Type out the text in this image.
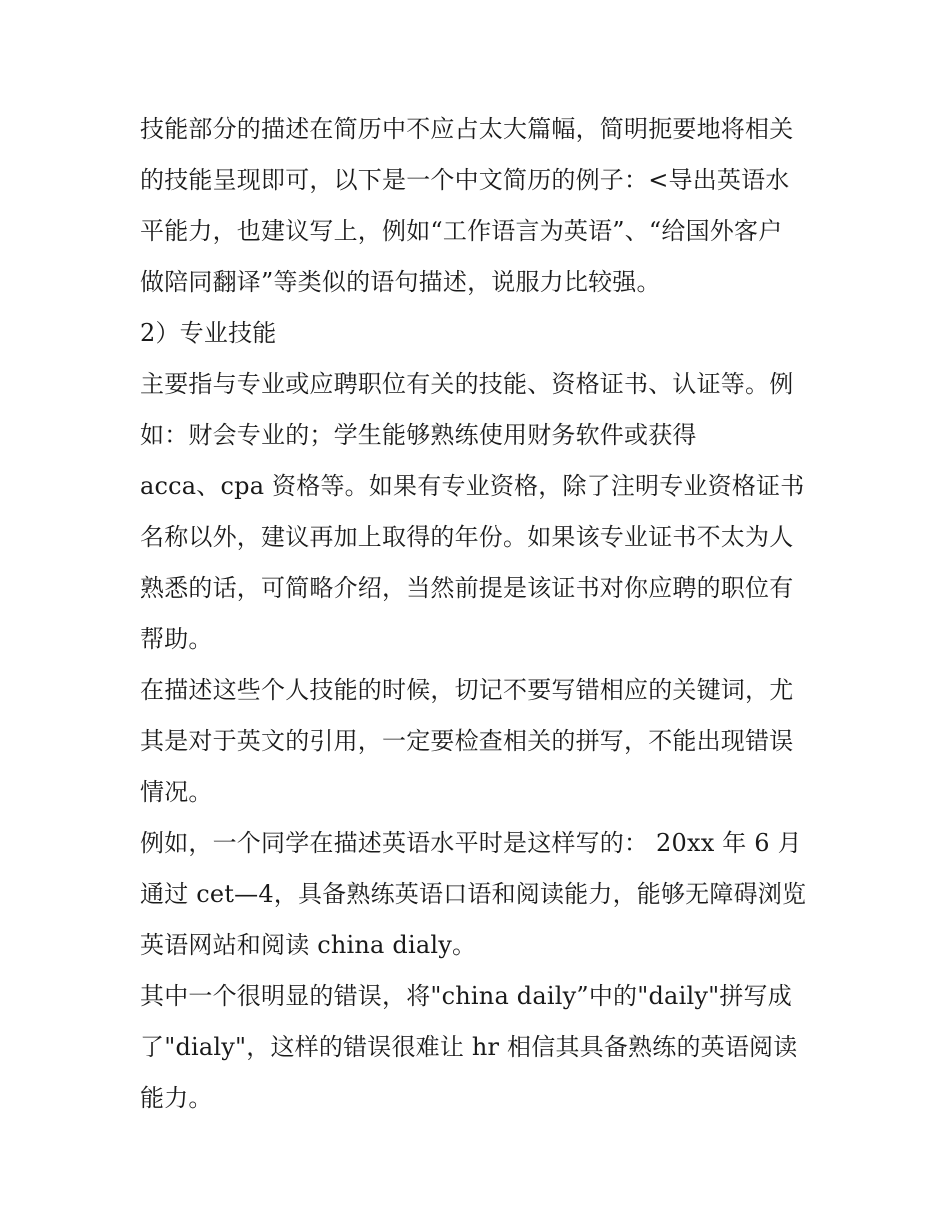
技能部分的描述在简历中不应占太大篇幅，简明扼要地将相关
的技能呈现即可，以下是一个中文简历的例子：<导出英语水
平能力，也建议写上，例如“工作语言为英语”、“给国外客户
做陪同翻译”等类似的语句描述，说服力比较强。
2）专业技能
主要指与专业或应聘职位有关的技能、资格证书、认证等。例
如：财会专业的；学生能够熟练使用财务软件或获得
acca、cpa 资格等。如果有专业资格，除了注明专业资格证书
名称以外，建议再加上取得的年份。如果该专业证书不太为人
熟悉的话，可简略介绍，当然前提是该证书对你应聘的职位有
帮助。
在描述这些个人技能的时候，切记不要写错相应的关键词，尤
其是对于英文的引用，一定要检查相关的拼写，不能出现错误
情况。
例如，一个同学在描述英语水平时是这样写的： 20xx 年 6 月
通过 cet—4，具备熟练英语口语和阅读能力，能够无障碍浏览
英语网站和阅读 china dialy。
其中一个很明显的错误，将"china daily”中的"daily"拼写成
了"dialy"，这样的错误很难让 hr 相信其具备熟练的英语阅读
能力。
